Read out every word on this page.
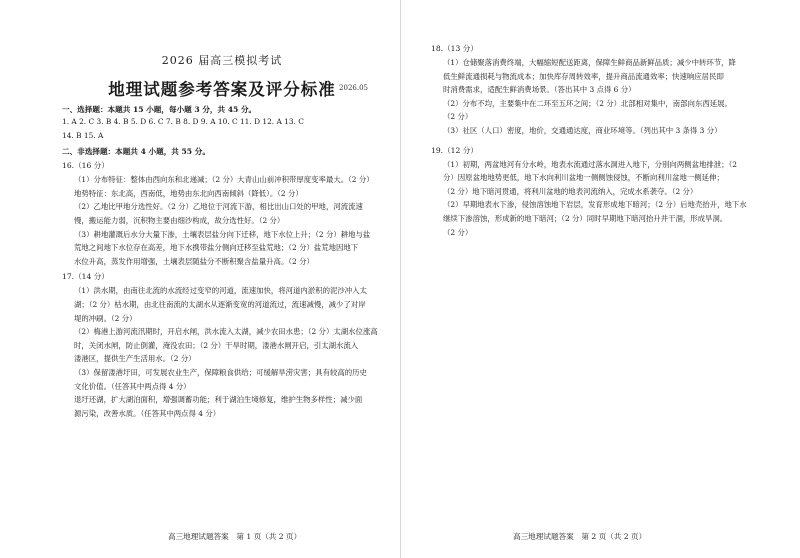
2026 届高三模拟考试
地理试题参考答案及评分标准 2026.05
一、选择题：本题共 15 小题，每小题 3 分，共 45 分。
1. A 2. C 3. B 4. B 5. D 6. C 7. B 8. D 9. A 10. C 11. D 12. A 13. C
14. B 15. A
二、非选择题：本题共 4 小题，共 55 分。
16.（16 分）
（1）分布特征：整体由西向东和北递减；（2 分）大青山山前冲积带厚度变率最大。（2 分）
地势特征：东北高，西南低，地势由东北向西南倾斜（降低）。（2 分）
（2）乙地比甲地分选性好。（2 分）乙地位于河流下游，相比出山口处的甲地，河流流速
慢，搬运能力弱，沉积物主要由细沙构成，故分选性好。（2 分）
（3）耕地灌溉后水分大量下渗，土壤表层盐分向下迁移，地下水位上升；（2 分）耕地与盐
荒地之间地下水位存在高差，地下水携带盐分侧向迁移至盐荒地；（2 分）盐荒地因地下
水位升高，蒸发作用增强，土壤表层随盐分不断积聚含盐量升高。（2 分）
17.（14 分）
（1）洪水期，由南往北流的水流经过变窄的河道，流速加快，将河道内淤积的泥沙冲入太
湖；（2 分）枯水期，由北往南流的太湖水从逐渐变宽的河道流过，流速减慢，减少了对岸
堤的冲刷。（2 分）
（2）梅港上游河流汛期时，开启水闸，洪水流入太湖，减少农田水患；（2 分）太湖水位涨高
时，关闭水闸，防止倒灌，淹没农田；（2 分）干旱时期，溇港水闸开启，引太湖水流入
溇港区，提供生产生活用水。（2 分）
（3）保留溇港圩田，可发展农业生产，保障粮食供给；可缓解旱涝灾害；具有较高的历史
文化价值。（任答其中两点得 4 分）
退圩还湖，扩大湖泊面积，增强调蓄功能；利于湖泊生境修复，维护生物多样性；减少面
源污染，改善水质。（任答其中两点得 4 分）
高三地理试题答案　第 1 页（共 2 页）
18.（13 分）
（1）仓储聚落消费终端，大幅缩短配送距离，保障生鲜商品新鲜品质；减少中转环节，降
低生鲜流通损耗与物流成本；加快库存周转效率，提升商品流通效率；快速响应居民即
时消费需求，适配生鲜消费场景。（答出其中 3 点得 6 分）
（2）分布不均，主要集中在二环至五环之间；（2 分）北部相对集中，南部向东西延展。
（2 分）
（3）社区（人口）密度，地价，交通通达度，商业环境等。（列出其中 3 条得 3 分）
19.（12 分）
（1）初期，两盆地河有分水岭，地表水流通过落水洞进入地下，分别向两侧盆地排泄；（2
分）因原盆地地势更低，地下水向利川盆地一侧侧蚀侵蚀，不断向利川盆地一侧延伸；
（2 分）地下暗河贯通，将利川盆地的地表河流纳入，完成水系袭夺。（2 分）
（2）早期地表水下渗，侵蚀溶蚀地下岩层，发育形成地下暗河；（2 分）后地壳抬升，地下水
继续下渗溶蚀，形成新的地下暗河；（2 分）同时早期地下暗河抬升并干涸，形成旱洞。
（2 分）
高三地理试题答案　第 2 页（共 2 页）
